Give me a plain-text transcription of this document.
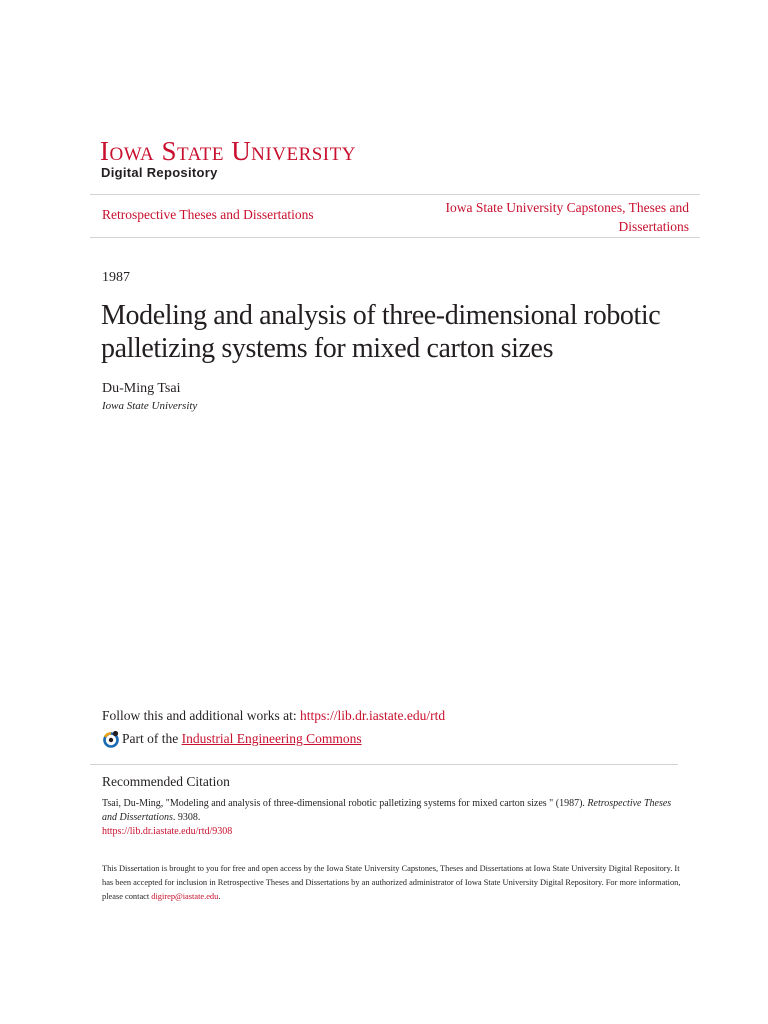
Iowa State University
Digital Repository
Retrospective Theses and Dissertations	Iowa State University Capstones, Theses and
Dissertations
1987
Modeling and analysis of three-dimensional robotic
palletizing systems for mixed carton sizes
Du-Ming Tsai
Iowa State University
Follow this and additional works at: https://lib.dr.iastate.edu/rtd
Part of the
Industrial Engineering Commons
Recommended Citation
Tsai, Du-Ming, "Modeling and analysis of three-dimensional robotic palletizing systems for mixed carton sizes " (1987). Retrospective Theses and Dissertations. 9308.
https://lib.dr.iastate.edu/rtd/9308
This Dissertation is brought to you for free and open access by the Iowa State University Capstones, Theses and Dissertations at Iowa State University Digital Repository. It has been accepted for inclusion in Retrospective Theses and Dissertations by an authorized administrator of Iowa State University Digital Repository. For more information, please contact digirep@iastate.edu.
